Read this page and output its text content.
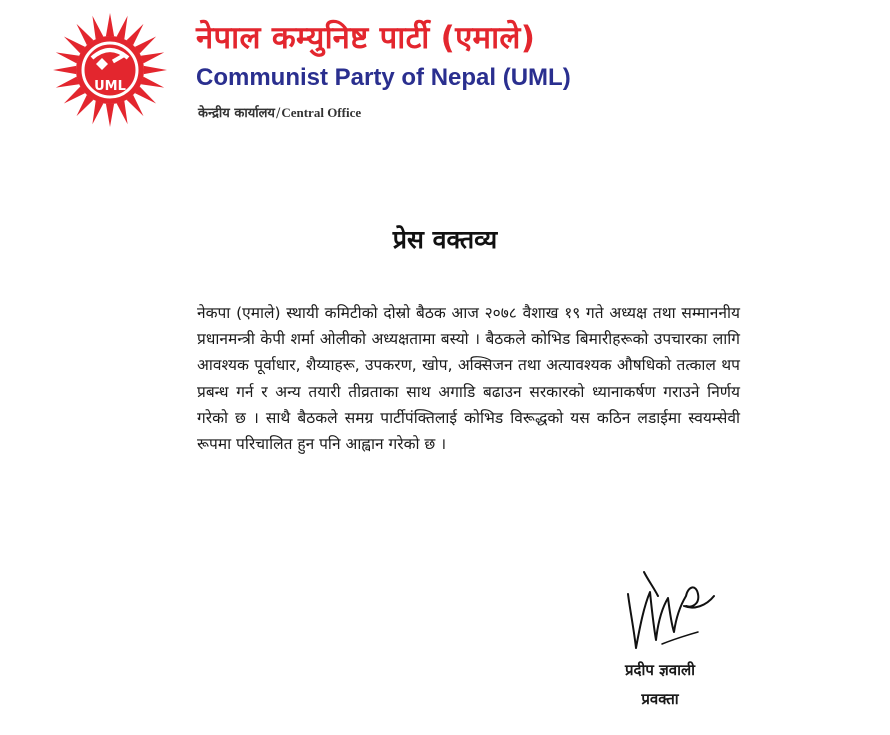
UML
नेपाल कम्युनिष्ट पार्टी (एमाले)
Communist Party of Nepal (UML)
केन्द्रीय कार्यालय/Central Office
प्रेस वक्तव्य

नेकपा (एमाले) स्थायी कमिटीको दोस्रो बैठक आज २०७८ वैशाख १९ गते अध्यक्ष तथा सम्माननीय प्रधानमन्त्री केपी शर्मा ओलीको अध्यक्षतामा बस्यो । बैठकले कोभिड बिमारीहरूको उपचारका लागि आवश्यक पूर्वाधार, शैय्याहरू, उपकरण, खोप, अक्सिजन तथा अत्यावश्यक औषधिको तत्काल थप प्रबन्ध गर्न र अन्य तयारी तीव्रताका साथ अगाडि बढाउन सरकारको ध्यानाकर्षण गराउने निर्णय गरेको छ । साथै बैठकले समग्र पार्टीपंक्तिलाई कोभिड विरूद्धको यस कठिन लडाईमा स्वयम्सेवी रूपमा परिचालित हुन पनि आह्वान गरेको छ ।

प्रदीप ज्ञवाली
प्रवक्ता
